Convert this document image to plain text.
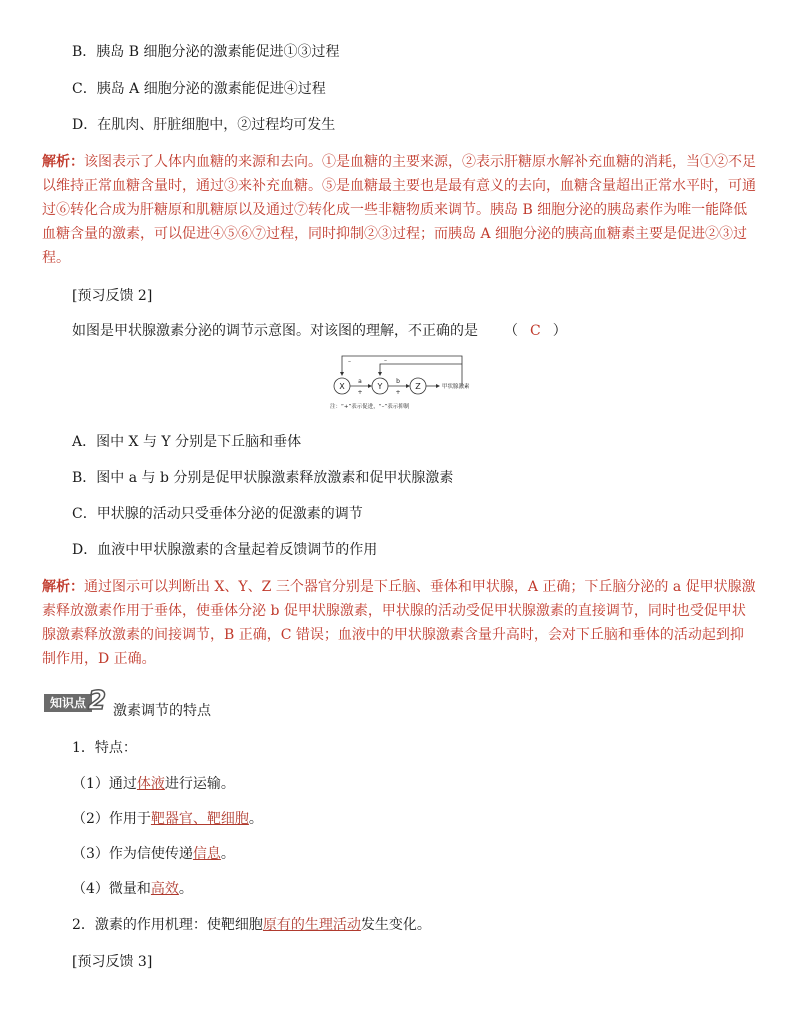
B．胰岛 B 细胞分泌的激素能促进①③过程
C．胰岛 A 细胞分泌的激素能促进④过程
D．在肌肉、肝脏细胞中，②过程均可发生
解析：该图表示了人体内血糖的来源和去向。①是血糖的主要来源，②表示肝糖原水解补充血糖的消耗，当①②不足以维持正常血糖含量时，通过③来补充血糖。⑤是血糖最主要也是最有意义的去向，血糖含量超出正常水平时，可通过⑥转化合成为肝糖原和肌糖原以及通过⑦转化成一些非糖物质来调节。胰岛 B 细胞分泌的胰岛素作为唯一能降低血糖含量的激素，可以促进④⑤⑥⑦过程，同时抑制②③过程；而胰岛 A 细胞分泌的胰高血糖素主要是促进②③过程。
[预习反馈 2]
如图是甲状腺激素分泌的调节示意图。对该图的理解，不正确的是 （ C ）
–	–
X	Y	Z
a	b
+	+
甲状腺激素
注：“+”表示促进，“–”表示抑制
A．图中 X 与 Y 分别是下丘脑和垂体
B．图中 a 与 b 分别是促甲状腺激素释放激素和促甲状腺激素
C．甲状腺的活动只受垂体分泌的促激素的调节
D．血液中甲状腺激素的含量起着反馈调节的作用
解析：通过图示可以判断出 X、Y、Z 三个器官分别是下丘脑、垂体和甲状腺，A 正确；下丘脑分泌的 a 促甲状腺激素释放激素作用于垂体，使垂体分泌 b 促甲状腺激素，甲状腺的活动受促甲状腺激素的直接调节，同时也受促甲状腺激素释放激素的间接调节，B 正确，C 错误；血液中的甲状腺激素含量升高时，会对下丘脑和垂体的活动起到抑制作用，D 正确。
知识点 2 激素调节的特点
1．特点：
（1）通过体液进行运输。
（2）作用于靶器官、靶细胞。
（3）作为信使传递信息。
（4）微量和高效。
2．激素的作用机理：使靶细胞原有的生理活动发生变化。
[预习反馈 3]
